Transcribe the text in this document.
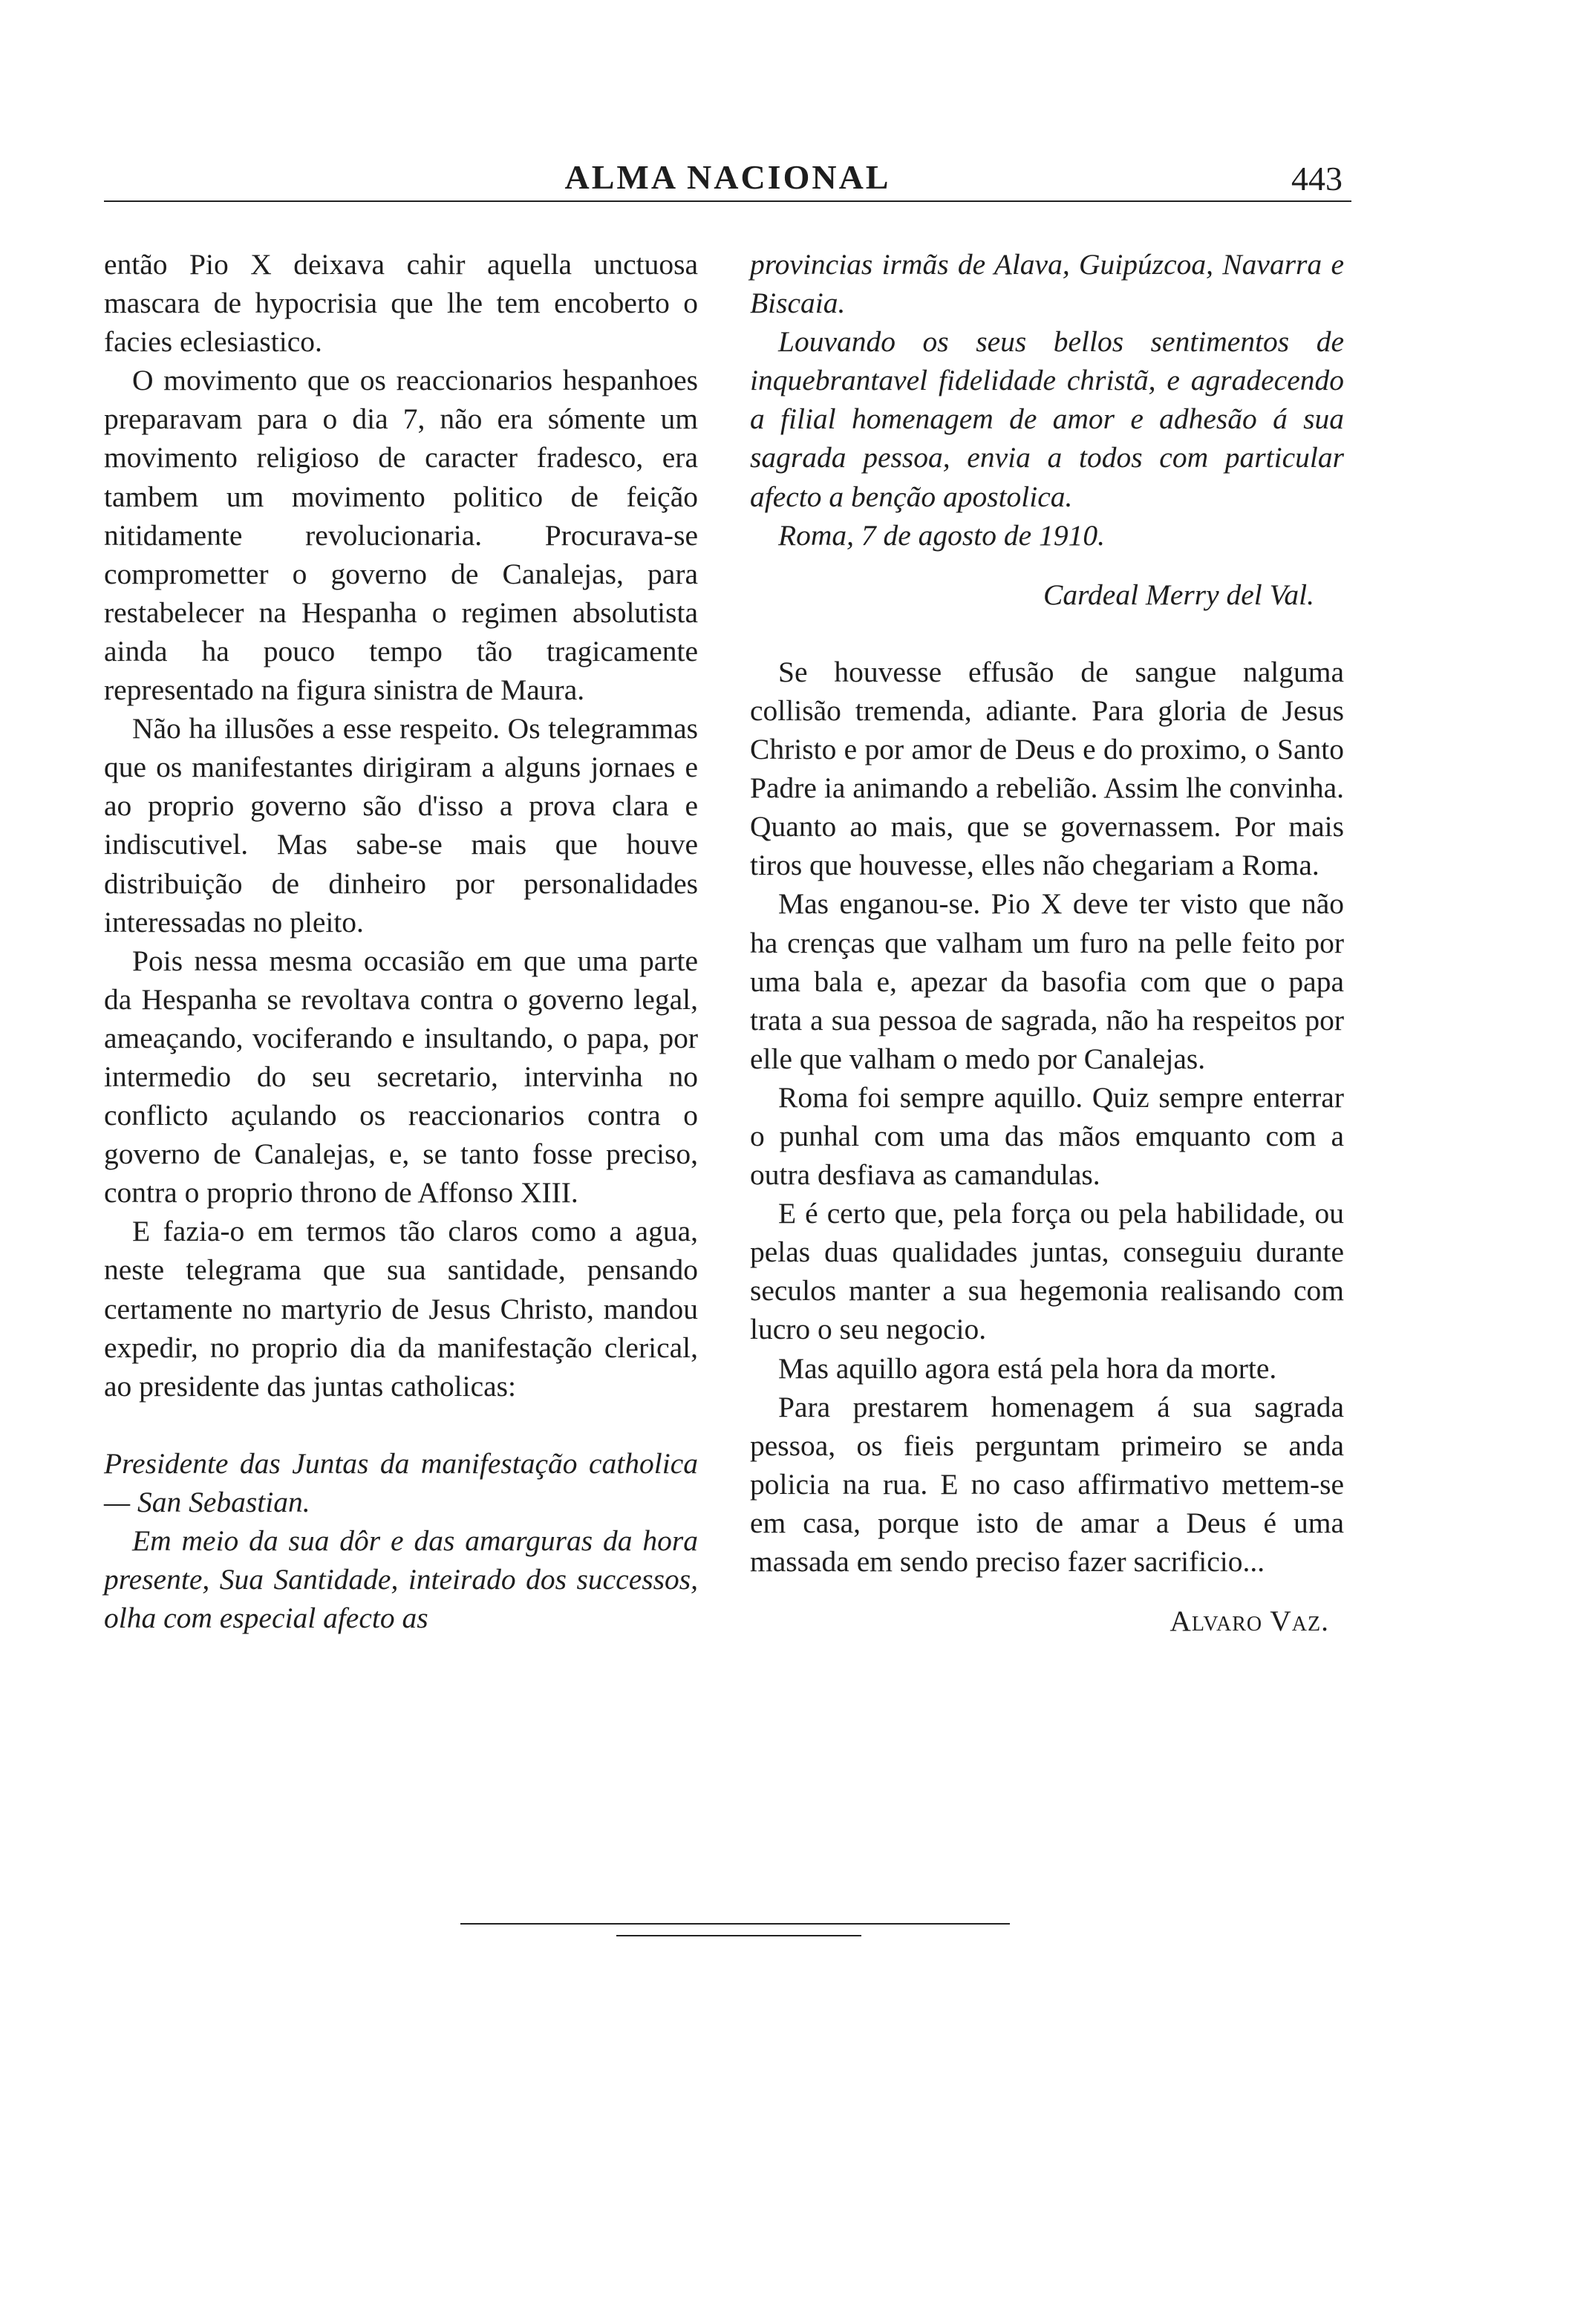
ALMA NACIONAL	443

então Pio X deixava cahir aquella unctuosa mascara de hypocrisia que lhe tem encoberto o facies eclesiastico.

O movimento que os reaccionarios hespanhoes preparavam para o dia 7, não era sómente um movimento religioso de caracter fradesco, era tambem um movimento politico de feição nitidamente revolucionaria. Procurava-se comprometter o governo de Canalejas, para restabelecer na Hespanha o regimen absolutista ainda ha pouco tempo tão tragicamente representado na figura sinistra de Maura.

Não ha illusões a esse respeito. Os telegrammas que os manifestantes dirigiram a alguns jornaes e ao proprio governo são d'isso a prova clara e indiscutivel. Mas sabe-se mais que houve distribuição de dinheiro por personalidades interessadas no pleito.

Pois nessa mesma occasião em que uma parte da Hespanha se revoltava contra o governo legal, ameaçando, vociferando e insultando, o papa, por intermedio do seu secretario, intervinha no conflicto açulando os reaccionarios contra o governo de Canalejas, e, se tanto fosse preciso, contra o proprio throno de Affonso XIII.

E fazia-o em termos tão claros como a agua, neste telegrama que sua santidade, pensando certamente no martyrio de Jesus Christo, mandou expedir, no proprio dia da manifestação clerical, ao presidente das juntas catholicas:

Presidente das Juntas da manifestação catholica — San Sebastian.

Em meio da sua dôr e das amarguras da hora presente, Sua Santidade, inteirado dos successos, olha com especial afecto as

provincias irmãs de Alava, Guipúzcoa, Navarra e Biscaia.

Louvando os seus bellos sentimentos de inquebrantavel fidelidade christã, e agradecendo a filial homenagem de amor e adhesão á sua sagrada pessoa, envia a todos com particular afecto a benção apostolica.

Roma, 7 de agosto de 1910.

Cardeal Merry del Val.

Se houvesse effusão de sangue nalguma collisão tremenda, adiante. Para gloria de Jesus Christo e por amor de Deus e do proximo, o Santo Padre ia animando a rebelião. Assim lhe convinha. Quanto ao mais, que se governassem. Por mais tiros que houvesse, elles não chegariam a Roma.

Mas enganou-se. Pio X deve ter visto que não ha crenças que valham um furo na pelle feito por uma bala e, apezar da basofia com que o papa trata a sua pessoa de sagrada, não ha respeitos por elle que valham o medo por Canalejas.

Roma foi sempre aquillo. Quiz sempre enterrar o punhal com uma das mãos emquanto com a outra desfiava as camandulas.

E é certo que, pela força ou pela habilidade, ou pelas duas qualidades juntas, conseguiu durante seculos manter a sua hegemonia realisando com lucro o seu negocio.

Mas aquillo agora está pela hora da morte.

Para prestarem homenagem á sua sagrada pessoa, os fieis perguntam primeiro se anda policia na rua. E no caso affirmativo mettem-se em casa, porque isto de amar a Deus é uma massada em sendo preciso fazer sacrificio...

Alvaro Vaz.
